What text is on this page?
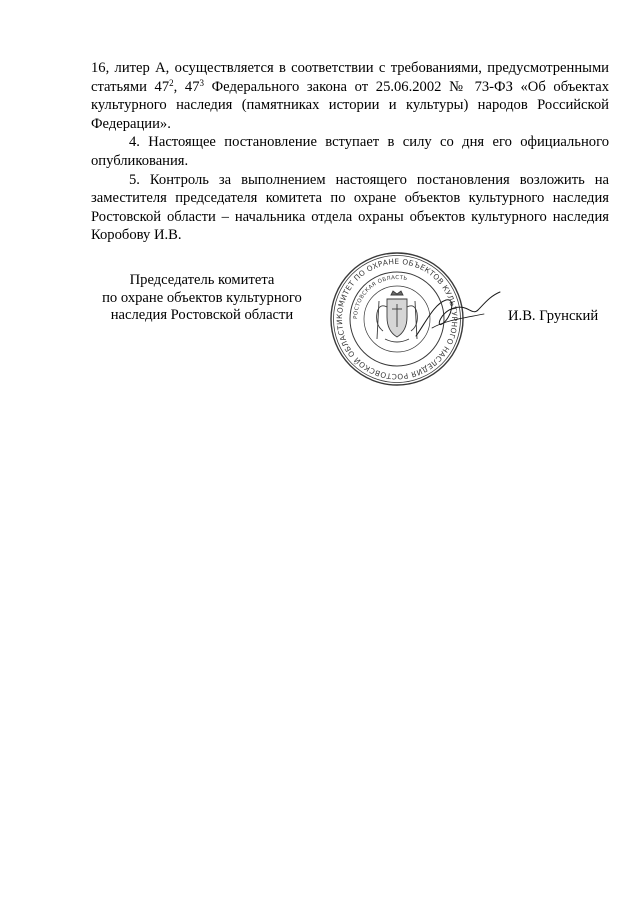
16, литер А, осуществляется в соответствии с требованиями, предусмотренными статьями $47^2$, $47^3$ Федерального закона от 25.06.2002 № 73-ФЗ «Об объектах культурного наследия (памятниках истории и культуры) народов Российской Федерации».

4. Настоящее постановление вступает в силу со дня его официального опубликования.

5. Контроль за выполнением настоящего постановления возложить на заместителя председателя комитета по охране объектов культурного наследия Ростовской области – начальника отдела охраны объектов культурного наследия Коробову И.В.

Председатель комитета
по охране объектов культурного
наследия Ростовской области	КОМИТЕТ ПО ОХРАНЕ ОБЪЕКТОВ КУЛЬТУРНОГО НАСЛЕДИЯ РОСТОВСКОЙ ОБЛАСТИ
РОСТОВСКАЯ ОБЛАСТЬ
И.В. Грунский
